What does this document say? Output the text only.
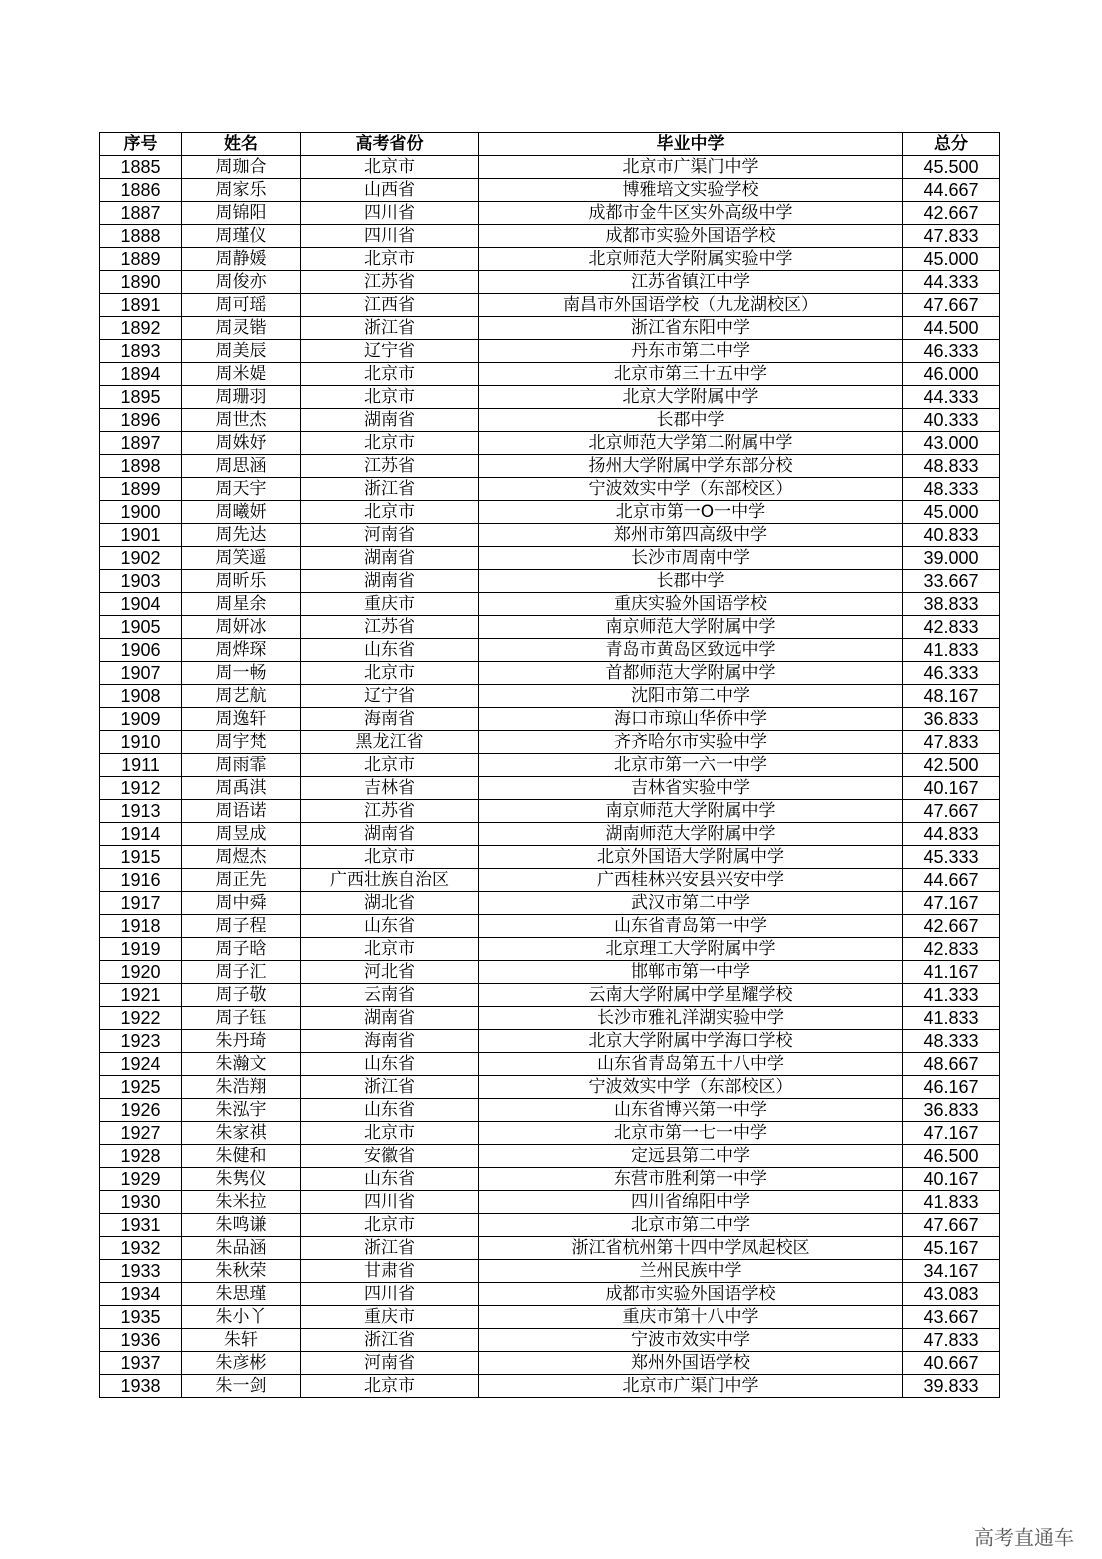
序号	姓名	高考省份	毕业中学	总分
1885	周珈合	北京市	北京市广渠门中学	45.500
1886	周家乐	山西省	博雅培文实验学校	44.667
1887	周锦阳	四川省	成都市金牛区实外高级中学	42.667
1888	周瑾仪	四川省	成都市实验外国语学校	47.833
1889	周静媛	北京市	北京师范大学附属实验中学	45.000
1890	周俊亦	江苏省	江苏省镇江中学	44.333
1891	周可瑶	江西省	南昌市外国语学校（九龙湖校区）	47.667
1892	周灵锴	浙江省	浙江省东阳中学	44.500
1893	周美辰	辽宁省	丹东市第二中学	46.333
1894	周米媞	北京市	北京市第三十五中学	46.000
1895	周珊羽	北京市	北京大学附属中学	44.333
1896	周世杰	湖南省	长郡中学	40.333
1897	周姝妤	北京市	北京师范大学第二附属中学	43.000
1898	周思涵	江苏省	扬州大学附属中学东部分校	48.833
1899	周天宇	浙江省	宁波效实中学（东部校区）	48.333
1900	周曦妍	北京市	北京市第一O一中学	45.000
1901	周先达	河南省	郑州市第四高级中学	40.833
1902	周笑遥	湖南省	长沙市周南中学	39.000
1903	周昕乐	湖南省	长郡中学	33.667
1904	周星余	重庆市	重庆实验外国语学校	38.833
1905	周妍冰	江苏省	南京师范大学附属中学	42.833
1906	周烨琛	山东省	青岛市黄岛区致远中学	41.833
1907	周一畅	北京市	首都师范大学附属中学	46.333
1908	周艺航	辽宁省	沈阳市第二中学	48.167
1909	周逸轩	海南省	海口市琼山华侨中学	36.833
1910	周宇梵	黑龙江省	齐齐哈尔市实验中学	47.833
1911	周雨霏	北京市	北京市第一六一中学	42.500
1912	周禹淇	吉林省	吉林省实验中学	40.167
1913	周语诺	江苏省	南京师范大学附属中学	47.667
1914	周昱成	湖南省	湖南师范大学附属中学	44.833
1915	周煜杰	北京市	北京外国语大学附属中学	45.333
1916	周正先	广西壮族自治区	广西桂林兴安县兴安中学	44.667
1917	周中舜	湖北省	武汉市第二中学	47.167
1918	周子程	山东省	山东省青岛第一中学	42.667
1919	周子晗	北京市	北京理工大学附属中学	42.833
1920	周子汇	河北省	邯郸市第一中学	41.167
1921	周子敬	云南省	云南大学附属中学星耀学校	41.333
1922	周子钰	湖南省	长沙市雅礼洋湖实验中学	41.833
1923	朱丹琦	海南省	北京大学附属中学海口学校	48.333
1924	朱瀚文	山东省	山东省青岛第五十八中学	48.667
1925	朱浩翔	浙江省	宁波效实中学（东部校区）	46.167
1926	朱泓宇	山东省	山东省博兴第一中学	36.833
1927	朱家祺	北京市	北京市第一七一中学	47.167
1928	朱健和	安徽省	定远县第二中学	46.500
1929	朱隽仪	山东省	东营市胜利第一中学	40.167
1930	朱米拉	四川省	四川省绵阳中学	41.833
1931	朱鸣谦	北京市	北京市第二中学	47.667
1932	朱品涵	浙江省	浙江省杭州第十四中学凤起校区	45.167
1933	朱秋荣	甘肃省	兰州民族中学	34.167
1934	朱思瑾	四川省	成都市实验外国语学校	43.083
1935	朱小丫	重庆市	重庆市第十八中学	43.667
1936	朱轩	浙江省	宁波市效实中学	47.833
1937	朱彦彬	河南省	郑州外国语学校	40.667
1938	朱一剑	北京市	北京市广渠门中学	39.833
高考直通车
